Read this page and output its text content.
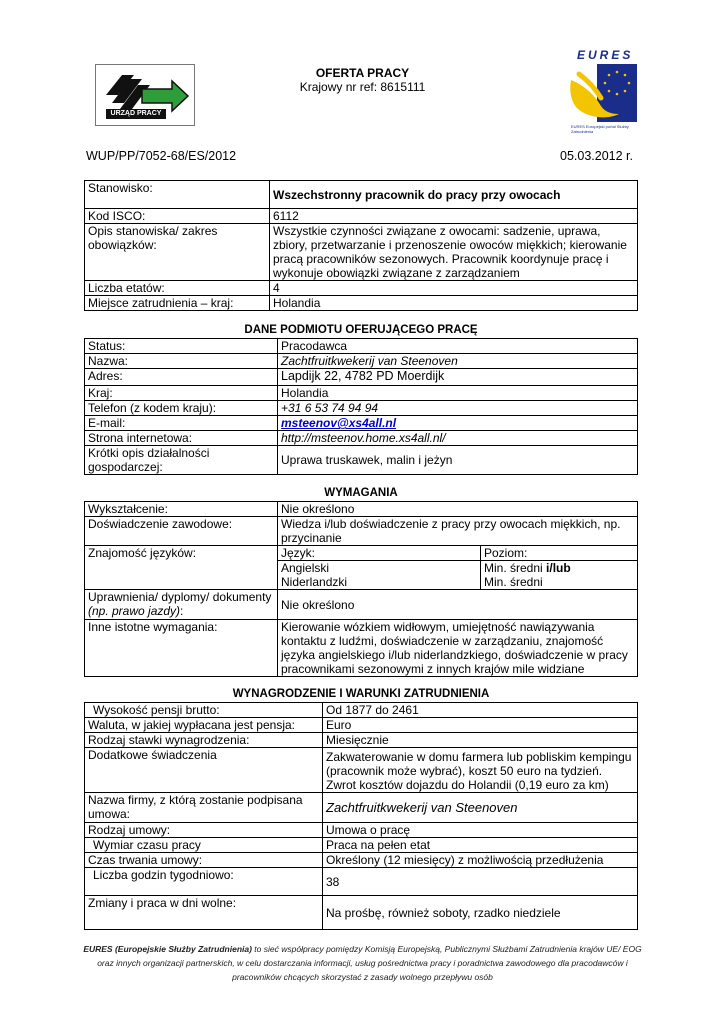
URZĄD PRACY
OFERTA PRACY
Krajowy nr ref: 8615111
EURES
EURES Europejski portal Służby Zatrudnienia
WUP/PP/7052-68/ES/2012	05.03.2012 r.
Stanowisko:	Wszechstronny pracownik do pracy przy owocach
Kod ISCO:	6112
Opis stanowiska/ zakres obowiązków:	Wszystkie czynności związane z owocami: sadzenie, uprawa, zbiory, przetwarzanie i przenoszenie owoców miękkich; kierowanie pracą pracowników sezonowych. Pracownik koordynuje pracę i wykonuje obowiązki związane z zarządzaniem
Liczba etatów:	4
Miejsce zatrudnienia – kraj:	Holandia
DANE PODMIOTU OFERUJĄCEGO PRACĘ
Status:	Pracodawca
Nazwa:	Zachtfruitkwekerij van Steenoven
Adres:	Lapdijk 22, 4782 PD Moerdijk
Kraj:	Holandia
Telefon (z kodem kraju):	+31 6 53 74 94 94
E-mail:	msteenov@xs4all.nl
Strona internetowa:	http://msteenov.home.xs4all.nl/
Krótki opis działalności gospodarczej:	Uprawa truskawek, malin i jeżyn
WYMAGANIA
Wykształcenie:	Nie określono	
Doświadczenie zawodowe:	Wiedza i/lub doświadczenie z pracy przy owocach miękkich, np. przycinanie	
Znajomość języków:	Język:	Poziom:
	Angielski	Min. średni i/lub
	Niderlandzki	Min. średni
Uprawnienia/ dyplomy/ dokumenty
(np. prawo jazdy):	Nie określono	
Inne istotne wymagania:	Kierowanie wózkiem widłowym, umiejętność nawiązywania kontaktu z ludźmi, doświadczenie w zarządzaniu, znajomość języka angielskiego i/lub niderlandzkiego, doświadczenie w pracy pracownikami sezonowymi z innych krajów mile widziane	
WYNAGRODZENIE I WARUNKI ZATRUDNIENIA
Wysokość pensji brutto:	Od 1877 do 2461
Waluta, w jakiej wypłacana jest pensja:	Euro
Rodzaj stawki wynagrodzenia:	Miesięcznie
Dodatkowe świadczenia	Zakwaterowanie w domu farmera lub pobliskim kempingu (pracownik może wybrać), koszt 50 euro na tydzień. Zwrot kosztów dojazdu do Holandii (0,19 euro za km)
Nazwa firmy, z którą zostanie podpisana umowa:	Zachtfruitkwekerij van Steenoven
Rodzaj umowy:	Umowa o pracę
Wymiar czasu pracy	Praca na pełen etat
Czas trwania umowy:	Określony (12 miesięcy) z możliwością przedłużenia
Liczba godzin tygodniowo:	38
Zmiany i praca w dni wolne:	Na prośbę, również soboty, rzadko niedziele
EURES (Europejskie Służby Zatrudnienia) to sieć współpracy pomiędzy Komisją Europejską, Publicznymi Służbami Zatrudnienia krajów UE/ EOG
oraz innych organizacji partnerskich, w celu dostarczania informacji, usług pośrednictwa pracy i poradnictwa zawodowego dla pracodawców i
pracowników chcących skorzystać z zasady wolnego przepływu osób
